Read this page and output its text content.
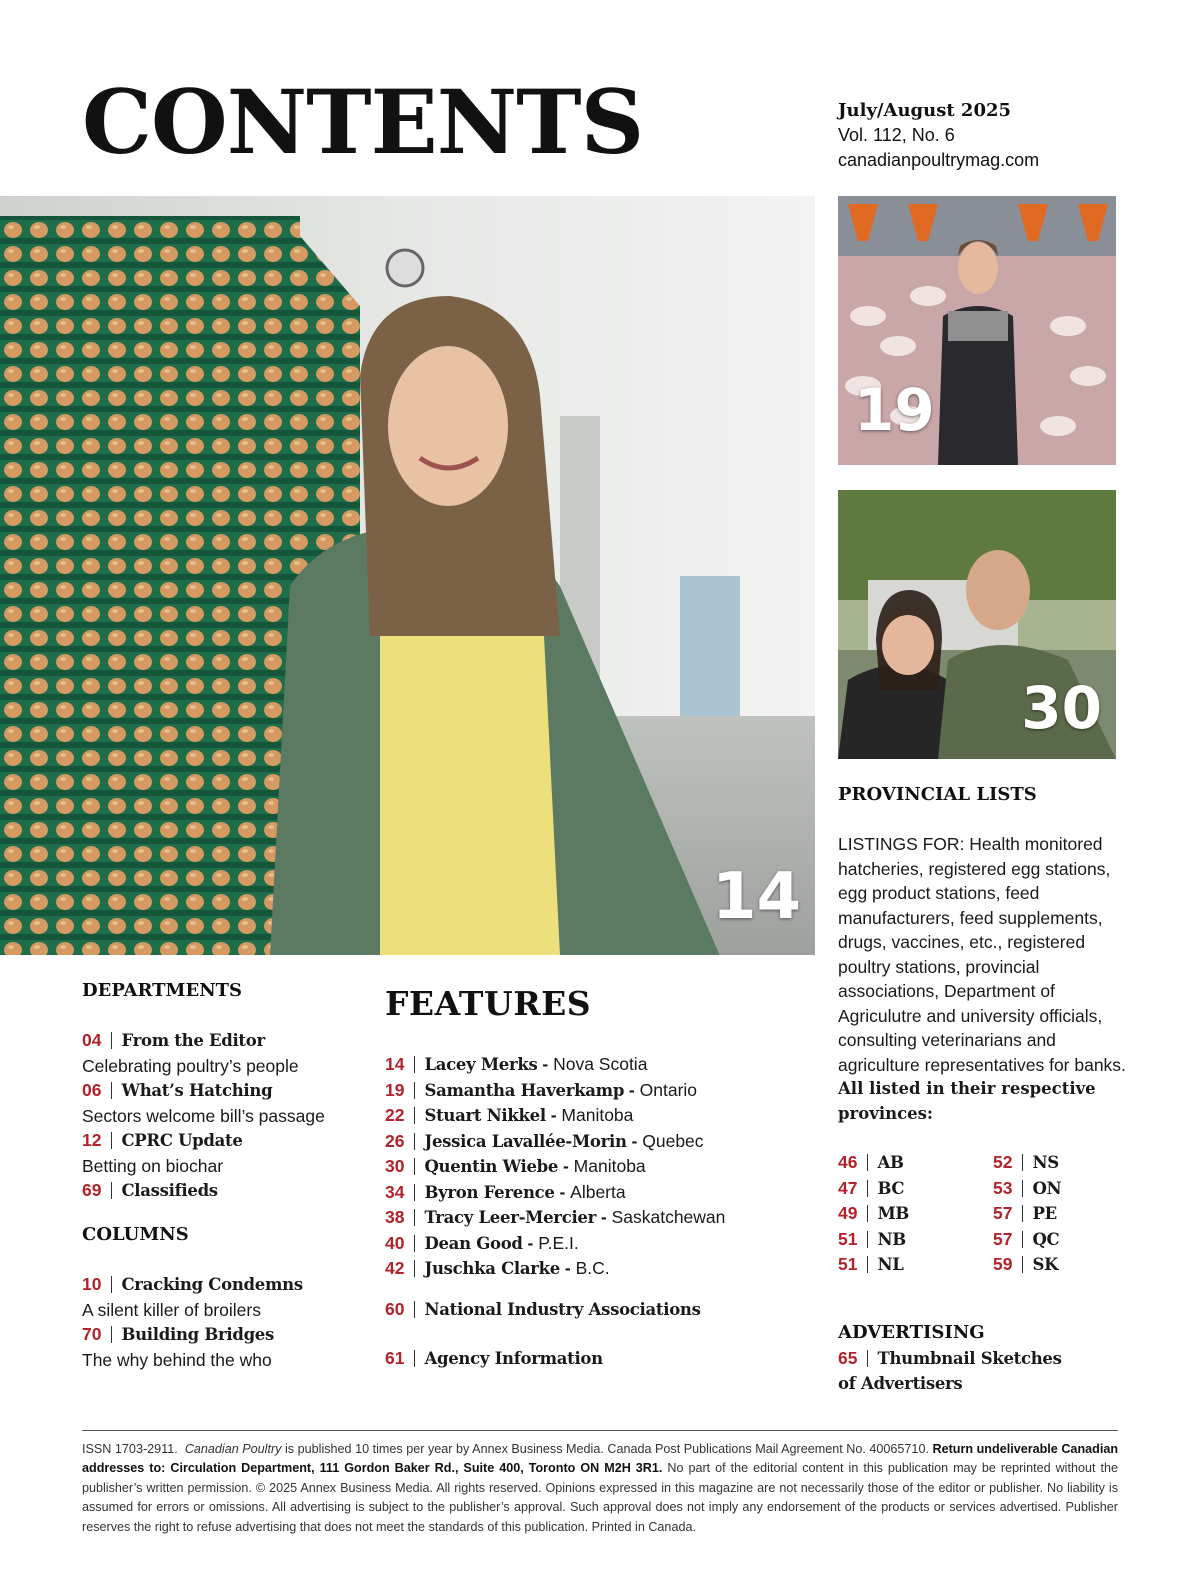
CONTENTS	July/August 2025
Vol. 112, No. 6
canadianpoultrymag.com
14
19
30
DEPARTMENTS
04 From the Editor
Celebrating poultry’s people
06 What’s Hatching
Sectors welcome bill’s passage
12 CPRC Update
Betting on biochar
69 Classifieds
COLUMNS
10 Cracking Condemns
A silent killer of broilers
70 Building Bridges
The why behind the who
FEATURES
14 Lacey Merks - Nova Scotia
19 Samantha Haverkamp - Ontario
22 Stuart Nikkel - Manitoba
26 Jessica Lavallée-Morin - Quebec
30 Quentin Wiebe - Manitoba
34 Byron Ference - Alberta
38 Tracy Leer-Mercier - Saskatchewan
40 Dean Good - P.E.I.
42 Juschka Clarke - B.C.
60 National Industry Associations
61 Agency Information
PROVINCIAL LISTS
LISTINGS FOR: Health monitored hatcheries, registered egg stations, egg product stations, feed manufacturers, feed supplements, drugs, vaccines, etc., registered poultry stations, provincial associations, Department of Agriculutre and university officials, consulting veterinarians and agriculture representatives for banks.
All listed in their respective provinces:
46 AB
47 BC
49 MB
51 NB
51 NL
52 NS
53 ON
57 PE
57 QC
59 SK
ADVERTISING
65 Thumbnail Sketches
of Advertisers
ISSN 1703-2911. Canadian Poultry is published 10 times per year by Annex Business Media. Canada Post Publications Mail Agreement No. 40065710. Return undeliverable Canadian addresses to: Circulation Department, 111 Gordon Baker Rd., Suite 400, Toronto ON M2H 3R1. No part of the editorial content in this publication may be reprinted without the publisher’s written permission. © 2025 Annex Business Media. All rights reserved. Opinions expressed in this magazine are not necessarily those of the editor or publisher. No liability is assumed for errors or omissions. All advertising is subject to the publisher’s approval. Such approval does not imply any endorsement of the products or services advertised. Publisher reserves the right to refuse advertising that does not meet the standards of this publication. Printed in Canada.
